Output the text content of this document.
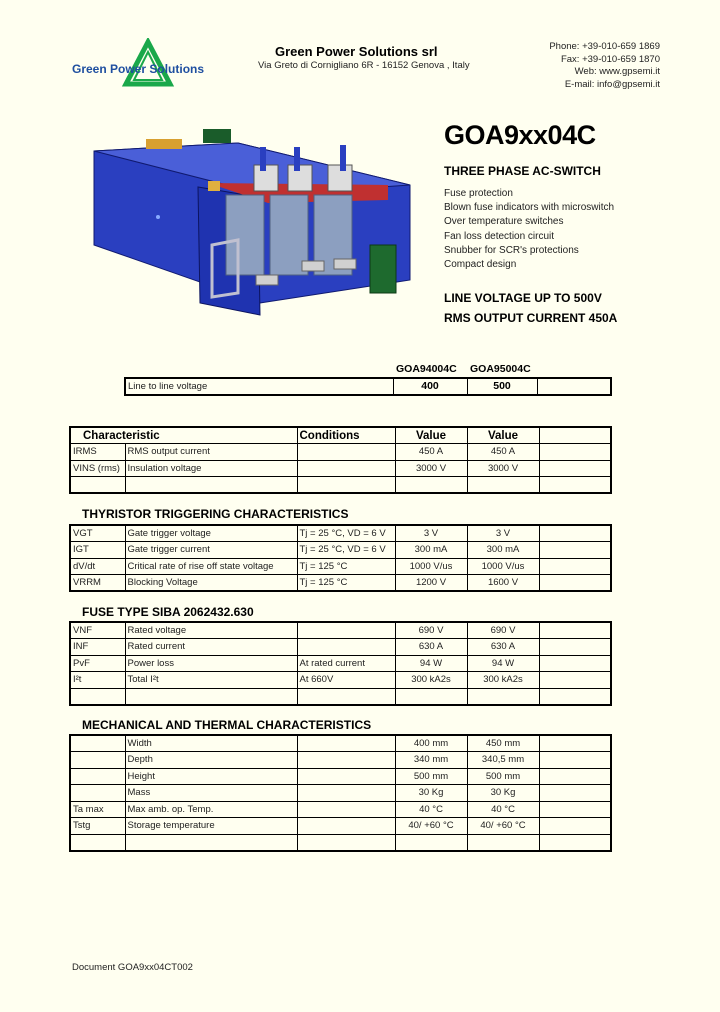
Green Power Solutions
Green Power Solutions srl
Via Greto di Cornigliano 6R - 16152 Genova , Italy
Phone: +39-010-659 1869
Fax: +39-010-659 1870
Web: www.gpsemi.it
E-mail: info@gpsemi.it
GOA9xx04C
THREE PHASE AC-SWITCH
Fuse protection
Blown fuse indicators with microswitch
Over temperature switches
Fan loss detection circuit
Snubber for SCR's protections
Compact design
LINE VOLTAGE UP TO 500V
RMS OUTPUT CURRENT 450A
GOA94004C GOA95004C
Line to line voltage	400	500	
Characteristic		Conditions	Value	Value	
IRMS	RMS output current		450 A	450 A	
VINS (rms)	Insulation voltage		3000 V	3000 V	

THYRISTOR TRIGGERING CHARACTERISTICS
VGT	Gate trigger voltage	Tj = 25 °C, VD = 6 V	3 V	3 V	
IGT	Gate trigger current	Tj = 25 °C, VD = 6 V	300 mA	300 mA	
dV/dt	Critical rate of rise off state voltage	Tj = 125 °C	1000 V/us	1000 V/us	
VRRM	Blocking Voltage	Tj = 125 °C	1200 V	1600 V	
FUSE TYPE SIBA 2062432.630
VNF	Rated voltage		690 V	690 V	
INF	Rated current		630 A	630 A	
PvF	Power loss	At rated current	94 W	94 W	
I²t	Total I²t	At 660V	300 kA2s	300 kA2s	

MECHANICAL AND THERMAL CHARACTERISTICS
	Width		400 mm	450 mm	
	Depth		340 mm	340,5 mm	
	Height		500 mm	500 mm	
	Mass		30 Kg	30 Kg	
Ta max	Max amb. op. Temp.		40 °C	40 °C	
Tstg	Storage temperature		40/ +60 °C	40/ +60 °C	

Document GOA9xx04CT002
